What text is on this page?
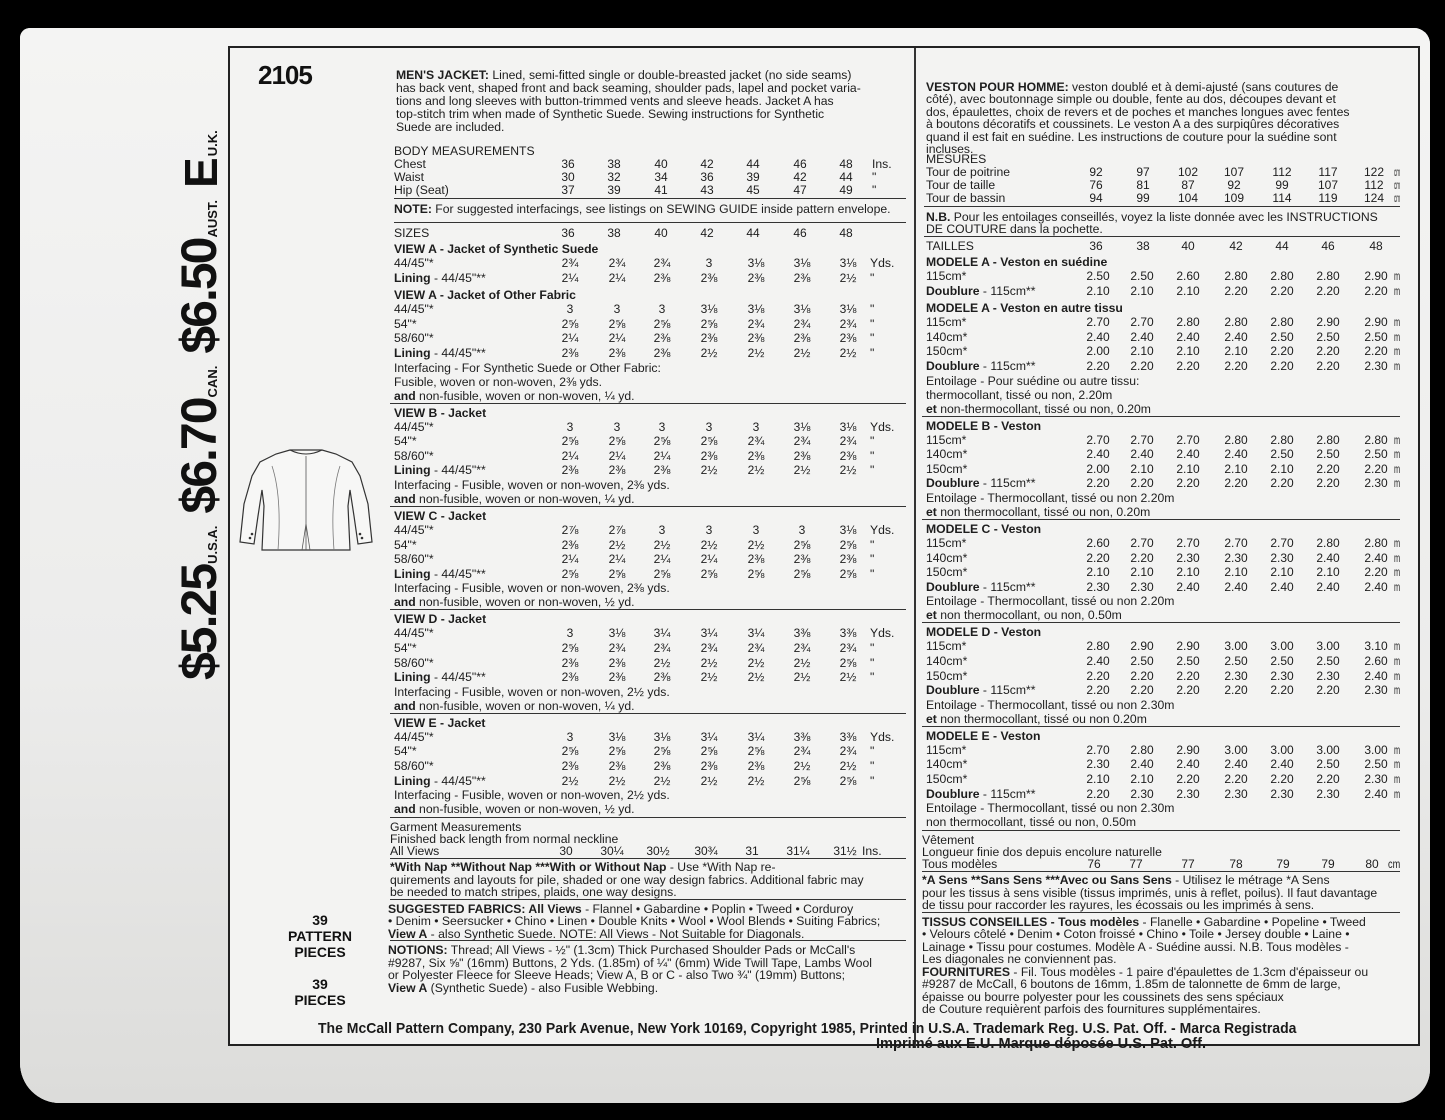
2105
$5.25U.S.A.$6.70CAN.$6.50AUST.EU.K.
39
PATTERN
PIECES
39
PIECES
MEN'S JACKET: Lined, semi-fitted single or double-breasted jacket (no side seams)
has back vent, shaped front and back seaming, shoulder pads, lapel and pocket varia-
tions and long sleeves with button-trimmed vents and sleeve heads. Jacket A has
top-stitch trim when made of Synthetic Suede. Sewing instructions for Synthetic
Suede are included.
BODY MEASUREMENTS
Chest	36	38	40	42	44	46	48	Ins.
Waist	30	32	34	36	39	42	44	"
Hip (Seat)	37	39	41	43	45	47	49	"
NOTE: For suggested interfacings, see listings on SEWING GUIDE inside pattern envelope.
SIZES	36	38	40	42	44	46	48
VIEW A - Jacket of Synthetic Suede
44/45"*	2¾	2¾	2¾	3	3⅛	3⅛	3⅛	Yds.
Lining - 44/45"**	2¼	2¼	2⅜	2⅜	2⅜	2⅜	2½	"
VIEW A - Jacket of Other Fabric
44/45"*	3	3	3	3⅛	3⅛	3⅛	3⅛	"
54"*	2⅝	2⅝	2⅝	2⅝	2¾	2¾	2¾	"
58/60"*	2¼	2¼	2⅜	2⅜	2⅜	2⅜	2⅜	"
Lining - 44/45"**	2⅜	2⅜	2⅜	2½	2½	2½	2½	"
Interfacing - For Synthetic Suede or Other Fabric:
Fusible, woven or non-woven, 2⅜ yds.
and non-fusible, woven or non-woven, ¼ yd.
VIEW B - Jacket
44/45"*	3	3	3	3	3	3⅛	3⅛	Yds.
54"*	2⅝	2⅝	2⅝	2⅝	2¾	2¾	2¾	"
58/60"*	2¼	2¼	2¼	2⅜	2⅜	2⅜	2⅜	"
Lining - 44/45"**	2⅜	2⅜	2⅜	2½	2½	2½	2½	"
Interfacing - Fusible, woven or non-woven, 2⅜ yds.
and non-fusible, woven or non-woven, ¼ yd.
VIEW C - Jacket
44/45"*	2⅞	2⅞	3	3	3	3	3⅛	Yds.
54"*	2⅜	2½	2½	2½	2½	2⅝	2⅝	"
58/60"*	2¼	2¼	2¼	2¼	2⅜	2⅜	2⅜	"
Lining - 44/45"**	2⅝	2⅝	2⅝	2⅝	2⅝	2⅝	2⅝	"
Interfacing - Fusible, woven or non-woven, 2⅜ yds.
and non-fusible, woven or non-woven, ½ yd.
VIEW D - Jacket
44/45"*	3	3⅛	3¼	3¼	3¼	3⅜	3⅜	Yds.
54"*	2⅝	2¾	2¾	2¾	2¾	2¾	2¾	"
58/60"*	2⅜	2⅜	2½	2½	2½	2½	2⅝	"
Lining - 44/45"**	2⅜	2⅜	2⅜	2½	2½	2½	2½	"
Interfacing - Fusible, woven or non-woven, 2½ yds.
and non-fusible, woven or non-woven, ¼ yd.
VIEW E - Jacket
44/45"*	3	3⅛	3⅛	3¼	3¼	3⅜	3⅜	Yds.
54"*	2⅝	2⅝	2⅝	2⅝	2⅝	2¾	2¾	"
58/60"*	2⅜	2⅜	2⅜	2⅜	2⅜	2½	2½	"
Lining - 44/45"**	2½	2½	2½	2½	2½	2⅝	2⅝	"
Interfacing - Fusible, woven or non-woven, 2½ yds.
and non-fusible, woven or non-woven, ½ yd.
Garment Measurements
Finished back length from normal neckline
All Views	30	30¼	30½	30¾	31	31¼	31½ Ins.
*With Nap **Without Nap ***With or Without Nap - Use *With Nap re-
quirements and layouts for pile, shaded or one way design fabrics. Additional fabric may
be needed to match stripes, plaids, one way designs.
SUGGESTED FABRICS: All Views - Flannel • Gabardine • Poplin • Tweed • Corduroy
• Denim • Seersucker • Chino • Linen • Double Knits • Wool • Wool Blends • Suiting Fabrics;
View A - also Synthetic Suede. NOTE: All Views - Not Suitable for Diagonals.
NOTIONS: Thread; All Views - ½" (1.3cm) Thick Purchased Shoulder Pads or McCall's
#9287, Six ⅝" (16mm) Buttons, 2 Yds. (1.85m) of ¼" (6mm) Wide Twill Tape, Lambs Wool
or Polyester Fleece for Sleeve Heads; View A, B or C - also Two ¾" (19mm) Buttons;
View A (Synthetic Suede) - also Fusible Webbing.
VESTON POUR HOMME: veston doublé et à demi-ajusté (sans coutures de
côté), avec boutonnage simple ou double, fente au dos, découpes devant et
dos, épaulettes, choix de revers et de poches et manches longues avec fentes
à boutons décoratifs et coussinets. Le veston A a des surpiqûres décoratives
quand il est fait en suédine. Les instructions de couture pour la suédine sont
incluses.
MESURES
Tour de poitrine	92	97	102	107	112	117	122 cm
Tour de taille	76	81	87	92	99	107	112 cm
Tour de bassin	94	99	104	109	114	119	124 cm
N.B. Pour les entoilages conseillés, voyez la liste donnée avec les INSTRUCTIONS
DE COUTURE dans la pochette.
TAILLES	36	38	40	42	44	46	48
MODELE A - Veston en suédine
115cm*	2.50	2.50	2.60	2.80	2.80	2.80	2.90 m
Doublure - 115cm**	2.10	2.10	2.10	2.20	2.20	2.20	2.20 m
MODELE A - Veston en autre tissu
115cm*	2.70	2.70	2.80	2.80	2.80	2.90	2.90 m
140cm*	2.40	2.40	2.40	2.40	2.50	2.50	2.50 m
150cm*	2.00	2.10	2.10	2.10	2.20	2.20	2.20 m
Doublure - 115cm**	2.20	2.20	2.20	2.20	2.20	2.20	2.30 m
Entoilage - Pour suédine ou autre tissu:
thermocollant, tissé ou non, 2.20m
et non-thermocollant, tissé ou non, 0.20m
MODELE B - Veston
115cm*	2.70	2.70	2.70	2.80	2.80	2.80	2.80 m
140cm*	2.40	2.40	2.40	2.40	2.50	2.50	2.50 m
150cm*	2.00	2.10	2.10	2.10	2.10	2.20	2.20 m
Doublure - 115cm**	2.20	2.20	2.20	2.20	2.20	2.20	2.30 m
Entoilage - Thermocollant, tissé ou non 2.20m
et non thermocollant, tissé ou non, 0.20m
MODELE C - Veston
115cm*	2.60	2.70	2.70	2.70	2.70	2.80	2.80 m
140cm*	2.20	2.20	2.30	2.30	2.30	2.40	2.40 m
150cm*	2.10	2.10	2.10	2.10	2.10	2.10	2.20 m
Doublure - 115cm**	2.30	2.30	2.40	2.40	2.40	2.40	2.40 m
Entoilage - Thermocollant, tissé ou non 2.20m
et non thermocollant, ou non, 0.50m
MODELE D - Veston
115cm*	2.80	2.90	2.90	3.00	3.00	3.00	3.10 m
140cm*	2.40	2.50	2.50	2.50	2.50	2.50	2.60 m
150cm*	2.20	2.20	2.20	2.30	2.30	2.30	2.40 m
Doublure - 115cm**	2.20	2.20	2.20	2.20	2.20	2.20	2.30 m
Entoilage - Thermocollant, tissé ou non 2.30m
et non thermocollant, tissé ou non 0.20m
MODELE E - Veston
115cm*	2.70	2.80	2.90	3.00	3.00	3.00	3.00 m
140cm*	2.30	2.40	2.40	2.40	2.40	2.50	2.50 m
150cm*	2.10	2.10	2.20	2.20	2.20	2.20	2.30 m
Doublure - 115cm**	2.20	2.30	2.30	2.30	2.30	2.30	2.40 m
Entoilage - Thermocollant, tissé ou non 2.30m
non thermocollant, tissé ou non, 0.50m
Vêtement
Longueur finie dos depuis encolure naturelle
Tous modèles	76	77	77	78	79	79	80 cm
*A Sens **Sans Sens ***Avec ou Sans Sens - Utilisez le métrage *A Sens
pour les tissus à sens visible (tissus imprimés, unis à reflet, poilus). Il faut davantage
de tissu pour raccorder les rayures, les écossais ou les imprimés à sens.
TISSUS CONSEILLES - Tous modèles - Flanelle • Gabardine • Popeline • Tweed
• Velours côtelé • Denim • Coton froissé • Chino • Toile • Jersey double • Laine •
Lainage • Tissu pour costumes. Modèle A - Suédine aussi. N.B. Tous modèles -
Les diagonales ne conviennent pas.
FOURNITURES - Fil. Tous modèles - 1 paire d'épaulettes de 1.3cm d'épaisseur ou
#9287 de McCall, 6 boutons de 16mm, 1.85m de talonnette de 6mm de large,
épaisse ou bourre polyester pour les coussinets des sens spéciaux
de Couture requièrent parfois des fournitures supplémentaires.
The McCall Pattern Company, 230 Park Avenue, New York 10169, Copyright 1985, Printed in U.S.A. Trademark Reg. U.S. Pat. Off. - Marca Registrada
Imprimé aux E.U. Marque déposée U.S. Pat. Off.
